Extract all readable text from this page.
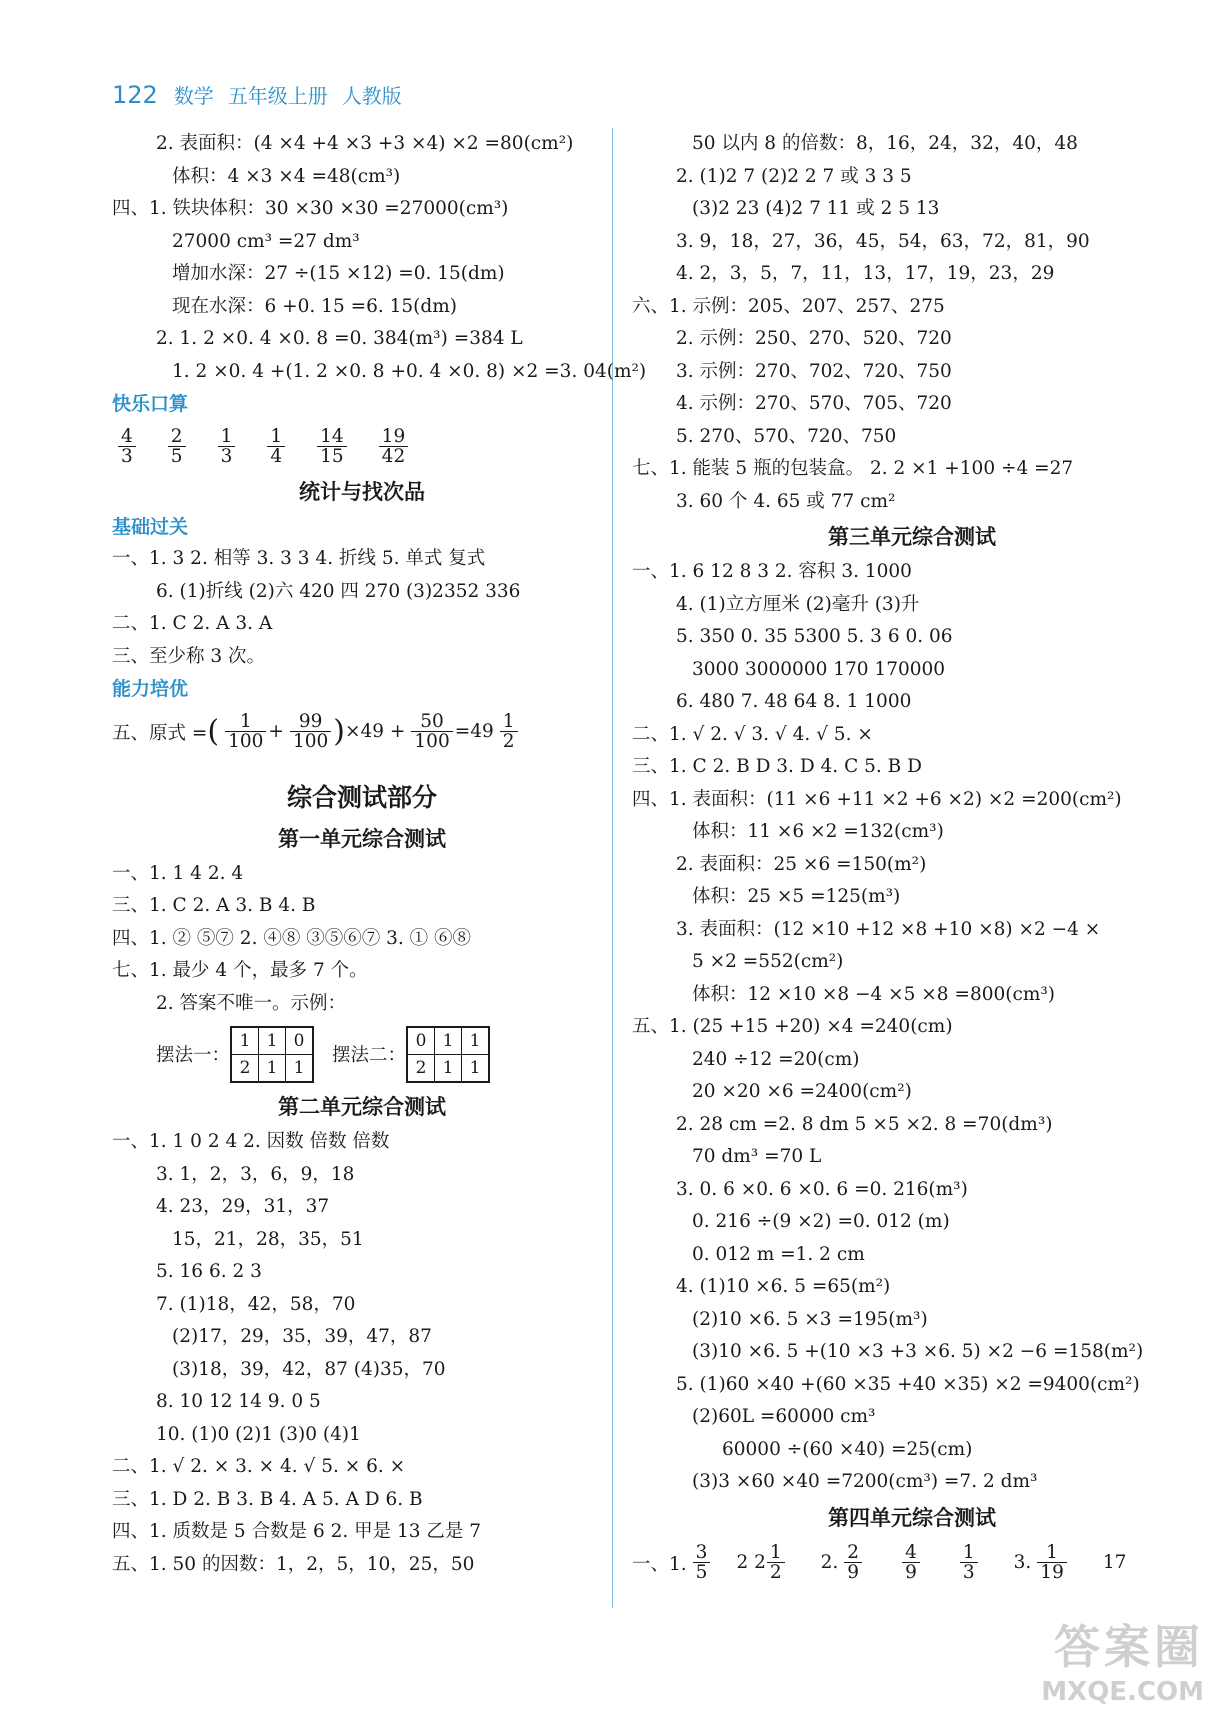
122 数学 五年级上册 人教版
2. 表面积：(4 ×4 +4 ×3 +3 ×4) ×2 =80(cm²)
体积：4 ×3 ×4 =48(cm³)
四、1. 铁块体积：30 ×30 ×30 =27000(cm³)
27000 cm³ =27 dm³
增加水深：27 ÷(15 ×12) =0. 15(dm)
现在水深：6 +0. 15 =6. 15(dm)
2. 1. 2 ×0. 4 ×0. 8 =0. 384(m³) =384 L
1. 2 ×0. 4 +(1. 2 ×0. 8 +0. 4 ×0. 8) ×2 =3. 04(m²)
快乐口算
$\frac{4}{3} \frac{2}{5} \frac{1}{3} \frac{1}{4} \frac{14}{15} \frac{19}{42}$
统计与找次品
基础过关
一、1. 3 2. 相等 3. 3 3 4. 折线 5. 单式 复式
6. (1)折线 (2)六 420 四 270 (3)2352 336
二、1. C 2. A 3. A
三、至少称 3 次。
能力培优
五、原式 = ( $\frac{1}{100} + \frac{99}{100}$ ) $\times 49 + \frac{50}{100} =49 \frac{1}{2}$
综合测试部分
第一单元综合测试
一、1. 1 4 2. 4
三、1. C 2. A 3. B 4. B
四、1. ② ⑤⑦ 2. ④⑧ ③⑤⑥⑦ 3. ① ⑥⑧
七、1. 最少 4 个，最多 7 个。
2. 答案不唯一。示例：
摆法一：
1	1	0
2	1	1
摆法二：
0	1	1
2	1	1
第二单元综合测试
一、1. 1 0 2 4 2. 因数 倍数 倍数
3. 1，2，3，6，9，18
4. 23，29，31，37
15，21，28，35，51
5. 16 6. 2 3
7. (1)18，42，58，70
(2)17，29，35，39，47，87
(3)18，39，42，87 (4)35，70
8. 10 12 14 9. 0 5
10. (1)0 (2)1 (3)0 (4)1
二、1. √ 2. × 3. × 4. √ 5. × 6. ×
三、1. D 2. B 3. B 4. A 5. A D 6. B
四、1. 质数是 5 合数是 6 2. 甲是 13 乙是 7
五、1. 50 的因数：1，2，5，10，25，50
50 以内 8 的倍数：8，16，24，32，40，48
2. (1)2 7 (2)2 2 7 或 3 3 5
(3)2 23 (4)2 7 11 或 2 5 13
3. 9，18，27，36，45，54，63，72，81，90
4. 2，3，5，7，11，13，17，19，23，29
六、1. 示例：205、207、257、275
2. 示例：250、270、520、720
3. 示例：270、702、720、750
4. 示例：270、570、705、720
5. 270、570、720、750
七、1. 能装 5 瓶的包装盒。 2. 2 ×1 +100 ÷4 =27
3. 60 个 4. 65 或 77 cm²
第三单元综合测试
一、1. 6 12 8 3 2. 容积 3. 1000
4. (1)立方厘米 (2)毫升 (3)升
5. 350 0. 35 5300 5. 3 6 0. 06
3000 3000000 170 170000
6. 480 7. 48 64 8. 1 1000
二、1. √ 2. √ 3. √ 4. √ 5. ×
三、1. C 2. B D 3. D 4. C 5. B D
四、1. 表面积：(11 ×6 +11 ×2 +6 ×2) ×2 =200(cm²)
体积：11 ×6 ×2 =132(cm³)
2. 表面积：25 ×6 =150(m²)
体积：25 ×5 =125(m³)
3. 表面积：(12 ×10 +12 ×8 +10 ×8) ×2 −4 ×
5 ×2 =552(cm²)
体积：12 ×10 ×8 −4 ×5 ×8 =800(cm³)
五、1. (25 +15 +20) ×4 =240(cm)
240 ÷12 =20(cm)
20 ×20 ×6 =2400(cm²)
2. 28 cm =2. 8 dm 5 ×5 ×2. 8 =70(dm³)
70 dm³ =70 L
3. 0. 6 ×0. 6 ×0. 6 =0. 216(m³)
0. 216 ÷(9 ×2) =0. 012 (m)
0. 012 m =1. 2 cm
4. (1)10 ×6. 5 =65(m²)
(2)10 ×6. 5 ×3 =195(m³)
(3)10 ×6. 5 +(10 ×3 +3 ×6. 5) ×2 −6 =158(m²)
5. (1)60 ×40 +(60 ×35 +40 ×35) ×2 =9400(cm²)
(2)60L =60000 cm³
60000 ÷(60 ×40) =25(cm)
(3)3 ×60 ×40 =7200(cm³) =7. 2 dm³
第四单元综合测试
一、1. $\frac{3}{5} 2$ $2 \frac{1}{2} 2$. $\frac{2}{9} \frac{4}{9} \frac{1}{3} 3$. $\frac{1}{19} 17$
答案圈
MXQE.COM
